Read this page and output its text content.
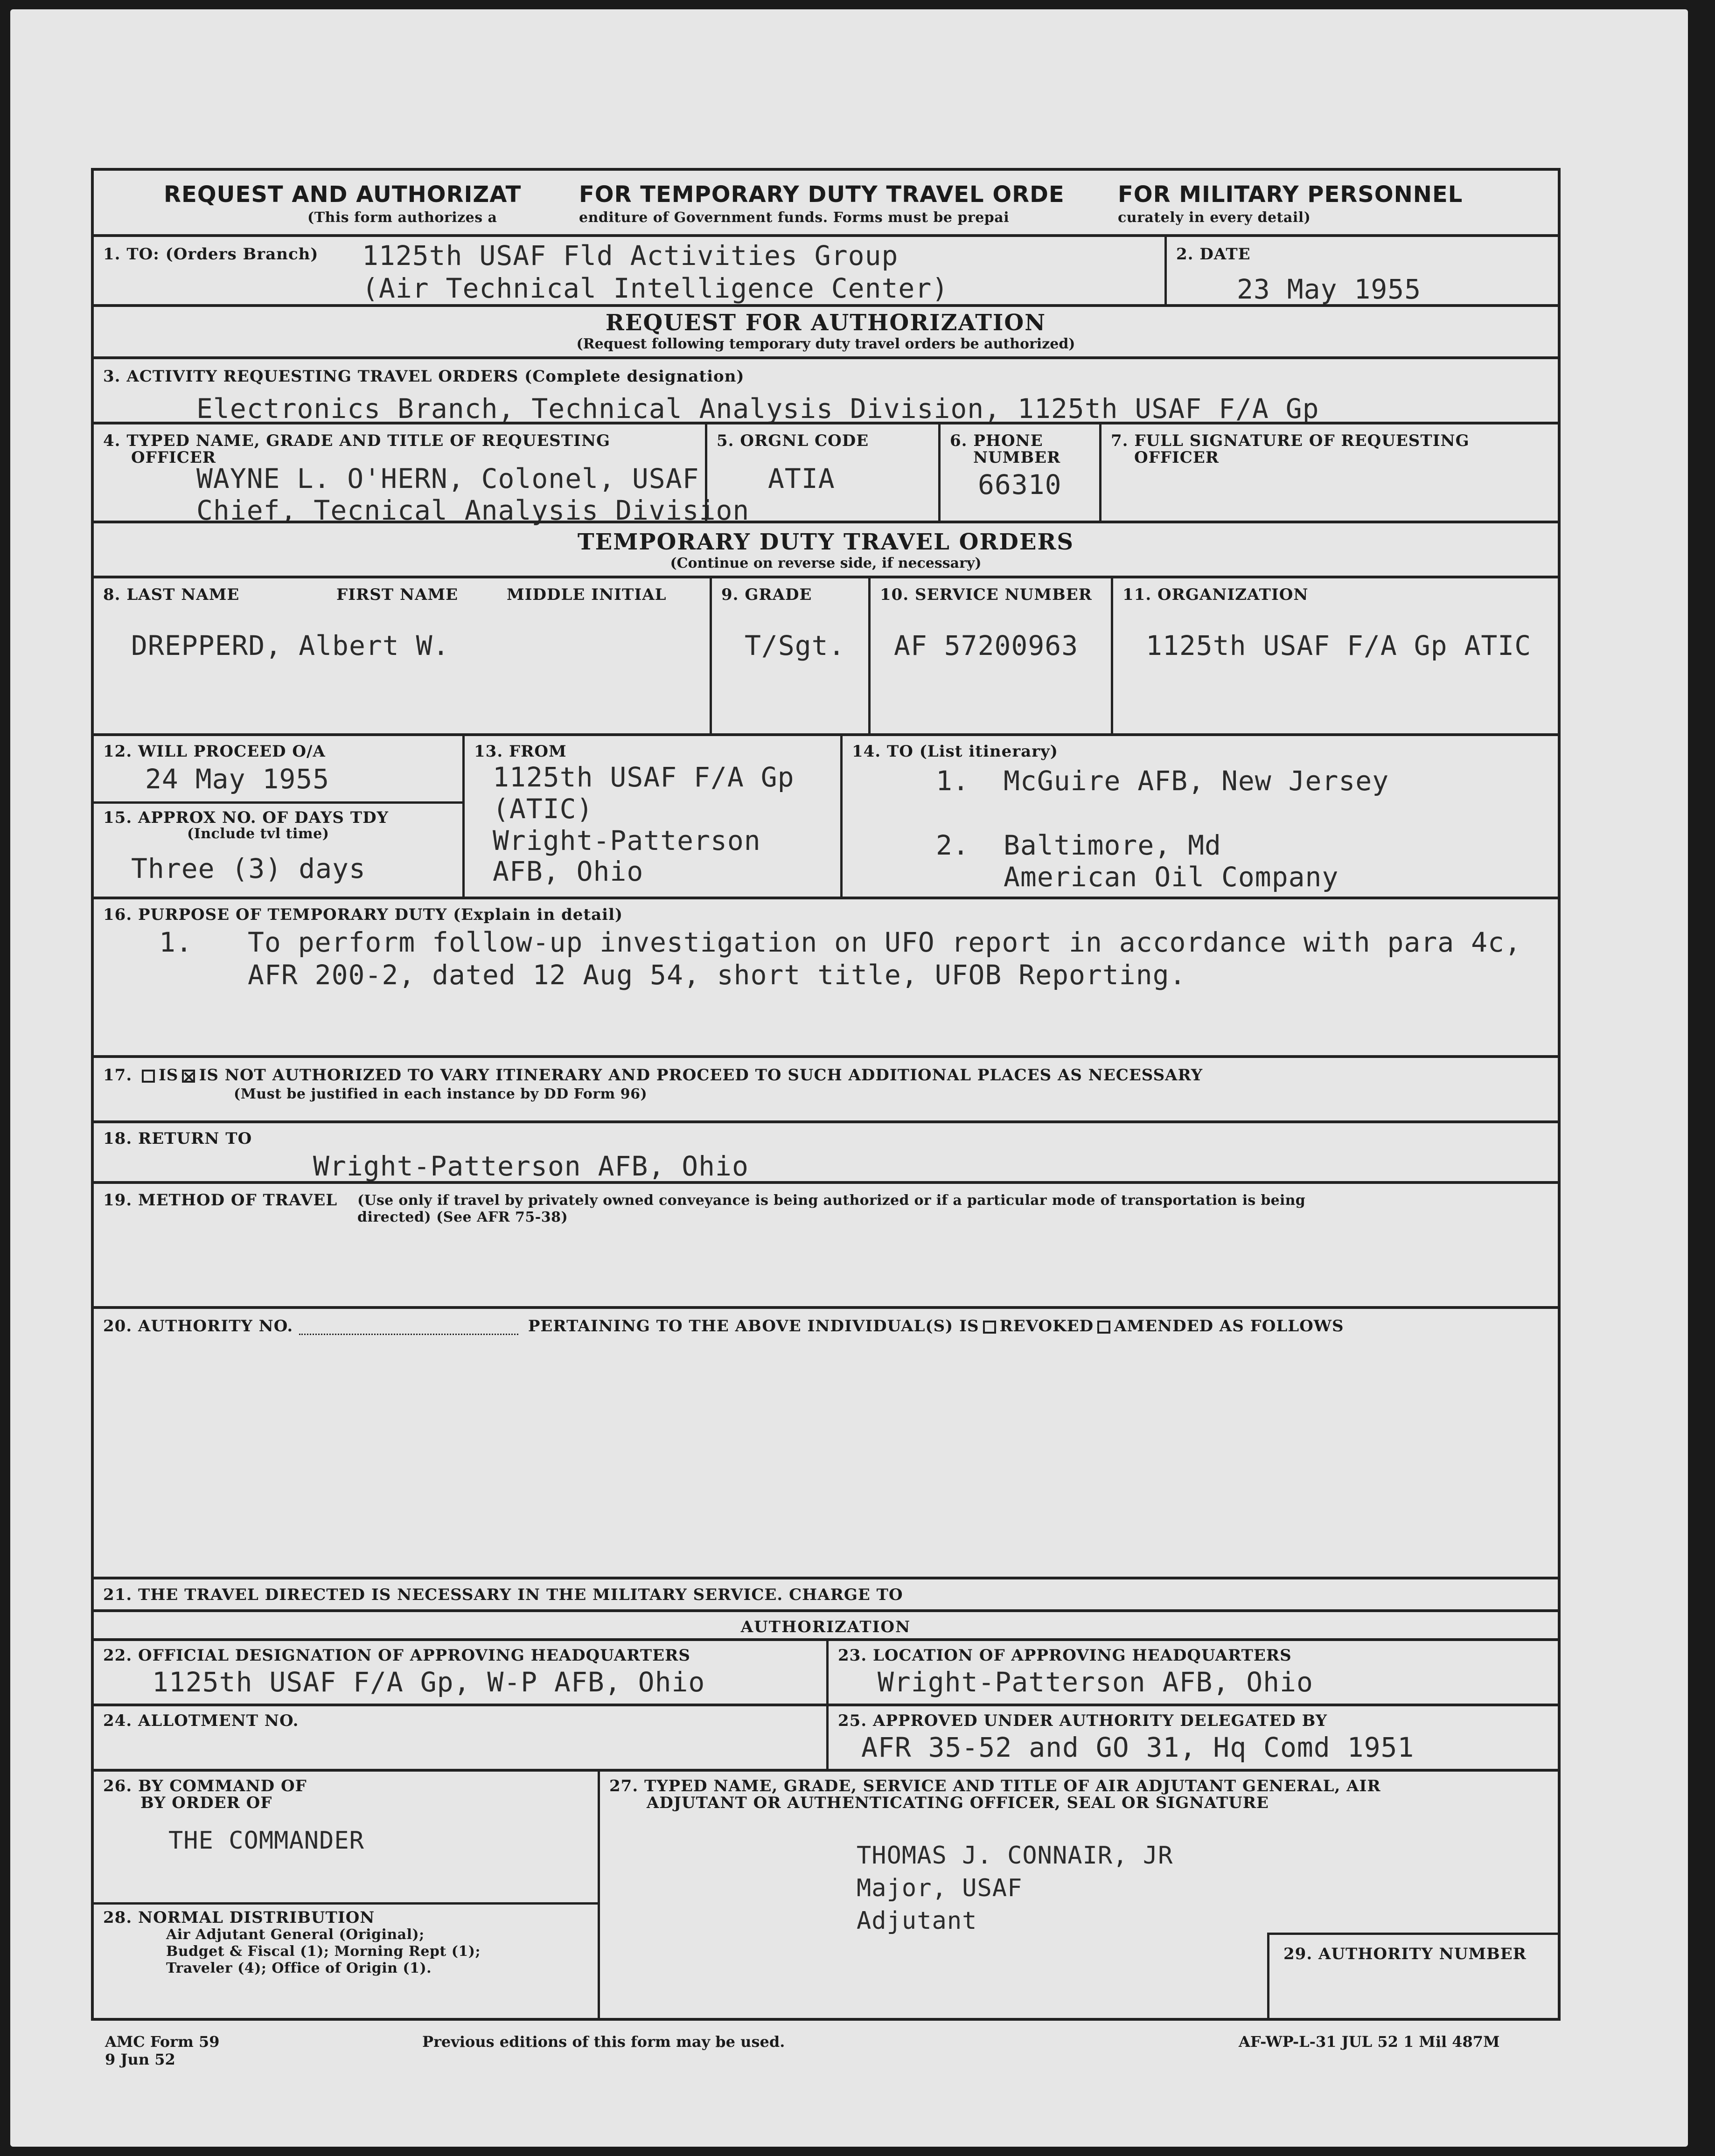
REQUEST AND AUTHORIZAT	FOR TEMPORARY DUTY TRAVEL ORDE FOR MILITARY PERSONNEL
(This form authorizes a	enditure of Government funds. Forms must be prepai	curately in every detail)
1. TO: (Orders Branch) 1125th USAF Fld Activities Group
(Air Technical Intelligence Center)
2. DATE
23 May 1955
REQUEST FOR AUTHORIZATION
(Request following temporary duty travel orders be authorized)
3. ACTIVITY REQUESTING TRAVEL ORDERS (Complete designation)
Electronics Branch, Technical Analysis Division, 1125th USAF F/A Gp
4. TYPED NAME, GRADE AND TITLE OF REQUESTING
OFFICER
WAYNE L. O'HERN, Colonel, USAF
Chief, Tecnical Analysis Division
5. ORGNL CODE
ATIA
6. PHONE
NUMBER
66310
7. FULL SIGNATURE OF REQUESTING
OFFICER
TEMPORARY DUTY TRAVEL ORDERS
(Continue on reverse side, if necessary)
8. LAST NAME	FIRST NAME	MIDDLE INITIAL
DREPPERD, Albert W.
9. GRADE
T/Sgt.
10. SERVICE NUMBER
AF 57200963
11. ORGANIZATION
1125th USAF F/A Gp ATIC
12. WILL PROCEED O/A
24 May 1955
15. APPROX NO. OF DAYS TDY
(Include tvl time)
Three (3) days
13. FROM
1125th USAF F/A Gp
(ATIC)
Wright-Patterson
AFB, Ohio
14. TO (List itinerary)
1. McGuire AFB, New Jersey
2. Baltimore, Md
American Oil Company
16. PURPOSE OF TEMPORARY DUTY (Explain in detail)
1. To perform follow-up investigation on UFO report in accordance with para 4c,
AFR 200-2, dated 12 Aug 54, short title, UFOB Reporting.
17. IS IS NOT AUTHORIZED TO VARY ITINERARY AND PROCEED TO SUCH ADDITIONAL PLACES AS NECESSARY
(Must be justified in each instance by DD Form 96)
18. RETURN TO
Wright-Patterson AFB, Ohio
19. METHOD OF TRAVEL (Use only if travel by privately owned conveyance is being authorized or if a particular mode of transportation is being
directed) (See AFR 75-38)
20. AUTHORITY NO.	PERTAINING TO THE ABOVE INDIVIDUAL(S) IS REVOKED AMENDED AS FOLLOWS
21. THE TRAVEL DIRECTED IS NECESSARY IN THE MILITARY SERVICE. CHARGE TO
AUTHORIZATION
22. OFFICIAL DESIGNATION OF APPROVING HEADQUARTERS
1125th USAF F/A Gp, W-P AFB, Ohio
23. LOCATION OF APPROVING HEADQUARTERS
Wright-Patterson AFB, Ohio
24. ALLOTMENT NO.	25. APPROVED UNDER AUTHORITY DELEGATED BY
AFR 35-52 and GO 31, Hq Comd 1951
26. BY COMMAND OF
BY ORDER OF
THE COMMANDER
28. NORMAL DISTRIBUTION
Air Adjutant General (Original);
Budget & Fiscal (1); Morning Rept (1);
Traveler (4); Office of Origin (1).
27. TYPED NAME, GRADE, SERVICE AND TITLE OF AIR ADJUTANT GENERAL, AIR
ADJUTANT OR AUTHENTICATING OFFICER, SEAL OR SIGNATURE
THOMAS J. CONNAIR, JR
Major, USAF
Adjutant
29. AUTHORITY NUMBER
AMC Form 59
9 Jun 52
Previous editions of this form may be used.	AF-WP-L-31 JUL 52 1 Mil 487M
